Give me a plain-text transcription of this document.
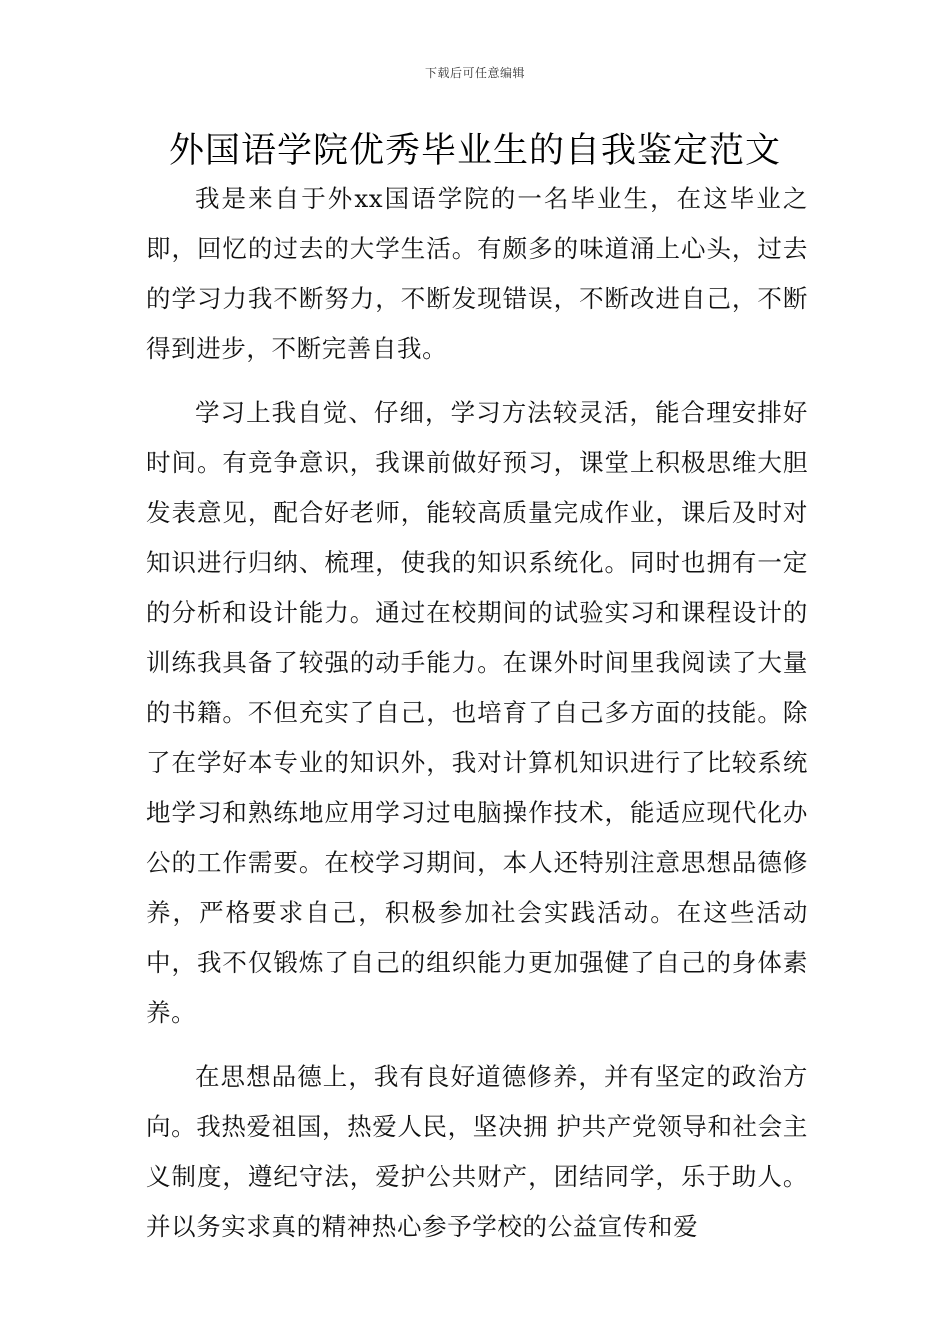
下载后可任意编辑
外国语学院优秀毕业生的自我鉴定范文

我是来自于外xx国语学院的一名毕业生，在这毕业之即，回忆的过去的大学生活。有颇多的味道涌上心头，过去的学习力我不断努力，不断发现错误，不断改进自己，不断得到进步，不断完善自我。

学习上我自觉、仔细，学习方法较灵活，能合理安排好时间。有竞争意识，我课前做好预习，课堂上积极思维大胆发表意见，配合好老师，能较高质量完成作业，课后及时对知识进行归纳、梳理，使我的知识系统化。同时也拥有一定的分析和设计能力。通过在校期间的试验实习和课程设计的训练我具备了较强的动手能力。在课外时间里我阅读了大量的书籍。不但充实了自己，也培育了自己多方面的技能。除了在学好本专业的知识外，我对计算机知识进行了比较系统地学习和熟练地应用学习过电脑操作技术，能适应现代化办公的工作需要。在校学习期间，本人还特别注意思想品德修养，严格要求自己，积极参加社会实践活动。在这些活动中，我不仅锻炼了自己的组织能力更加强健了自己的身体素养。

在思想品德上，我有良好道德修养，并有坚定的政治方向。我热爱祖国，热爱人民，坚决拥 护共产党领导和社会主义制度，遵纪守法，爱护公共财产，团结同学，乐于助人。并以务实求真的精神热心参予学校的公益宣传和爱
